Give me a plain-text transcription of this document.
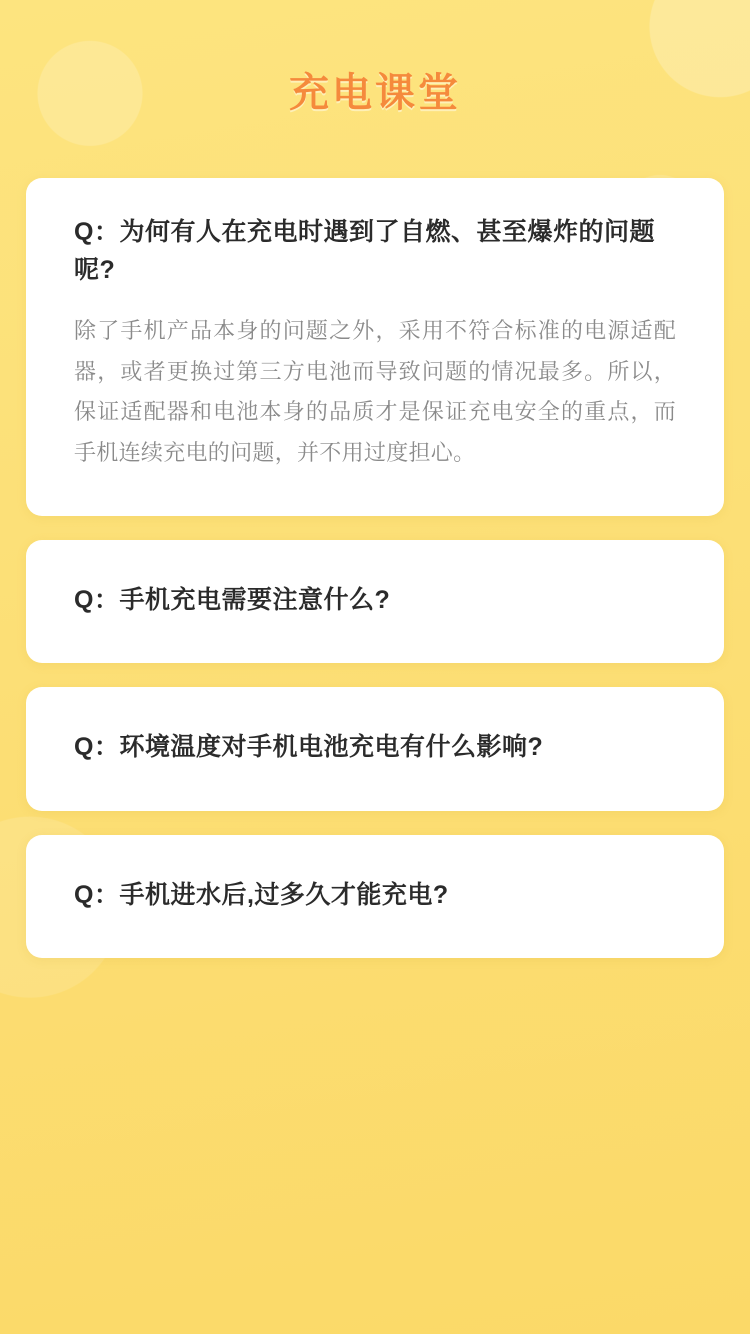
充电课堂

Q：为何有人在充电时遇到了自燃、甚至爆炸的问题呢?

除了手机产品本身的问题之外，采用不符合标准的电源适配器，或者更换过第三方电池而导致问题的情况最多。所以，保证适配器和电池本身的品质才是保证充电安全的重点，而手机连续充电的问题，并不用过度担心。

Q：手机充电需要注意什么?

Q：环境温度对手机电池充电有什么影响?

Q：手机进水后,过多久才能充电?
